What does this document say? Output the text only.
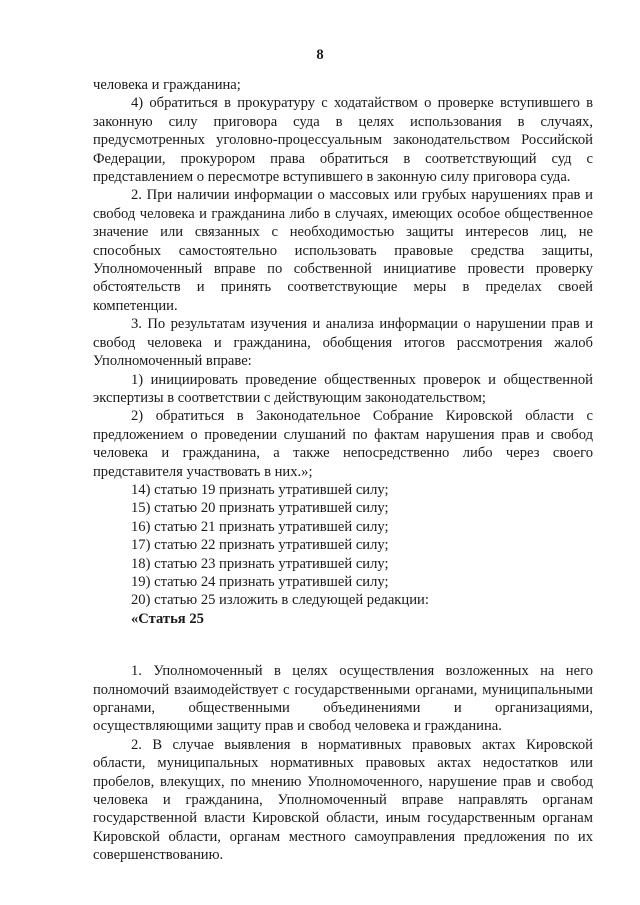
8

человека и гражданина;

4) обратиться в прокуратуру с ходатайством о проверке вступившего в законную силу приговора суда в целях использования в случаях, предусмотренных уголовно-процессуальным законодательством Российской Федерации, прокурором права обратиться в соответствующий суд с представлением о пересмотре вступившего в законную силу приговора суда.

2. При наличии информации о массовых или грубых нарушениях прав и свобод человека и гражданина либо в случаях, имеющих особое общественное значение или связанных с необходимостью защиты интересов лиц, не способных самостоятельно использовать правовые средства защиты, Уполномоченный вправе по собственной инициативе провести проверку обстоятельств и принять соответствующие меры в пределах своей компетенции.

3. По результатам изучения и анализа информации о нарушении прав и свобод человека и гражданина, обобщения итогов рассмотрения жалоб Уполномоченный вправе:

1) инициировать проведение общественных проверок и общественной экспертизы в соответствии с действующим законодательством;

2) обратиться в Законодательное Собрание Кировской области с предложением о проведении слушаний по фактам нарушения прав и свобод человека и гражданина, а также непосредственно либо через своего представителя участвовать в них.»;

14) статью 19 признать утратившей силу;

15) статью 20 признать утратившей силу;

16) статью 21 признать утратившей силу;

17) статью 22 признать утратившей силу;

18) статью 23 признать утратившей силу;

19) статью 24 признать утратившей силу;

20) статью 25 изложить в следующей редакции:

«Статья 25

1. Уполномоченный в целях осуществления возложенных на него полномочий взаимодействует с государственными органами, муниципальными органами, общественными объединениями и организациями, осуществляющими защиту прав и свобод человека и гражданина.

2. В случае выявления в нормативных правовых актах Кировской области, муниципальных нормативных правовых актах недостатков или пробелов, влекущих, по мнению Уполномоченного, нарушение прав и свобод человека и гражданина, Уполномоченный вправе направлять органам государственной власти Кировской области, иным государственным органам Кировской области, органам местного самоуправления предложения по их совершенствованию.
